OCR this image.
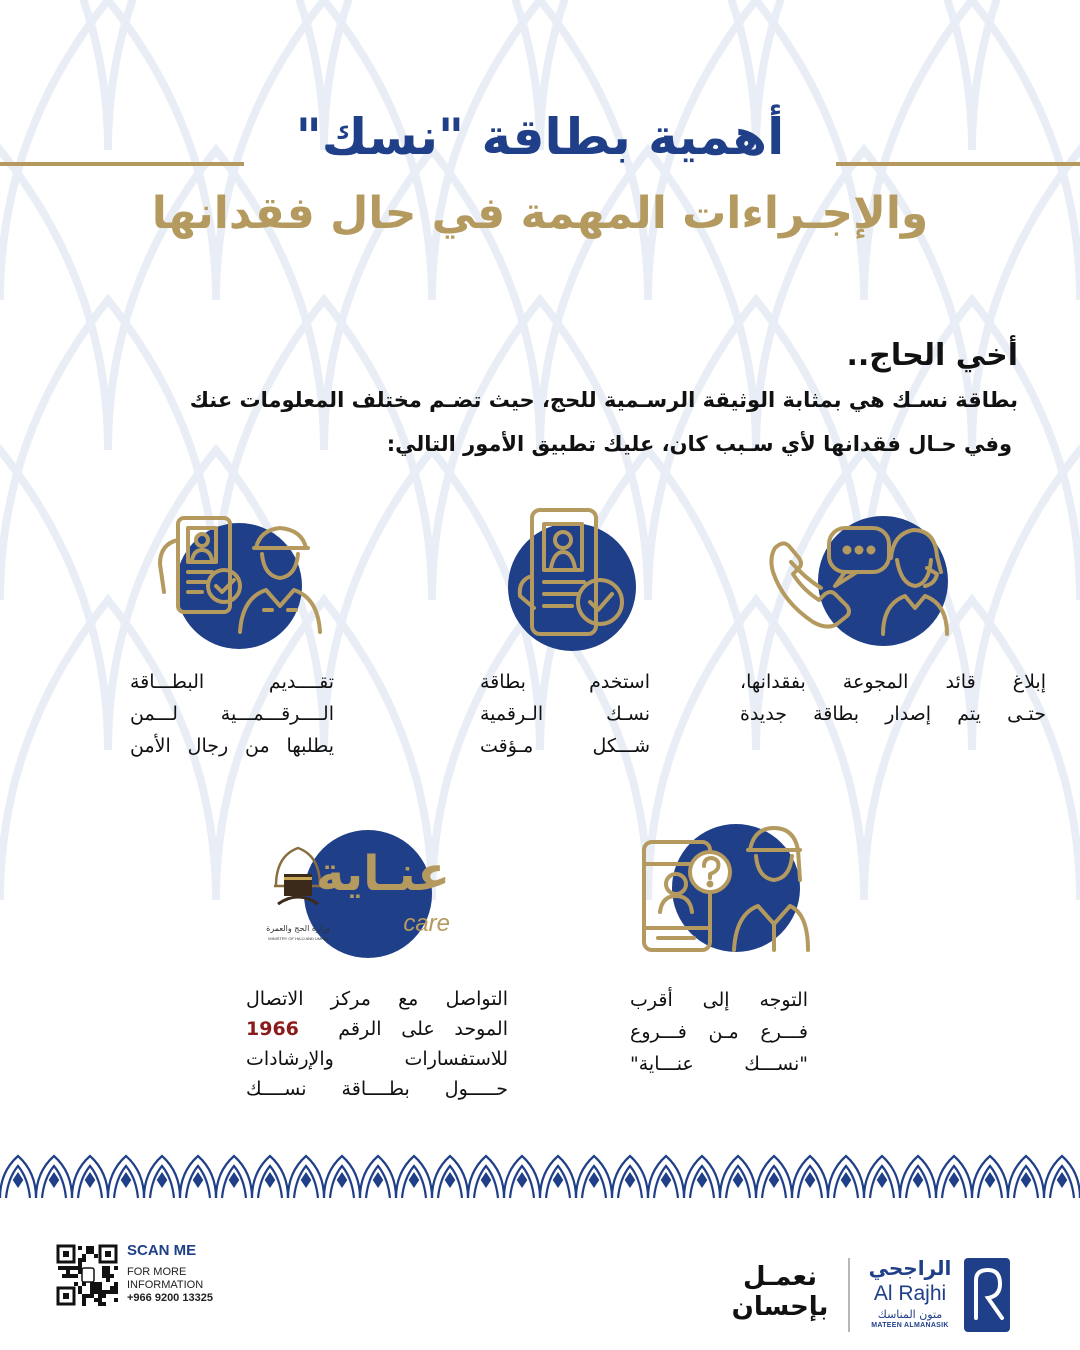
أهمية بطاقة "نسك"
والإجـراءات المهمة في حال فقدانها
أخي الحاج..
بطاقة نسـك هي بمثابة الوثيقة الرسـمية للحج، حيث تضـم مختلف المعلومات عنك
وفي حـال فقدانها لأي سـبب كان، عليك تطبيق الأمور التالي:
إبلاغ قائد المجوعة بفقدانها،
حتـى يتم إصدار بطاقة جديدة
استخدم بطاقة
نسـك الـرقمية
شـــكل مـؤقت
تقــــديم البطـــاقة
الــــرقـــمـــية لـــمن
يطلبها من رجال الأمن
التوجه إلى أقرب
فـــرع مـن فـــروع
"نســـك عنـــاية"
عنـاية
care
وزارة الحج والعمرة
MINISTRY OF HAJJ AND UMRAH
التواصل مع مركز الاتصال
الموحد على الرقم  1966
للاستفسارات والإرشادات
حـــــول بطــــاقة نســــك
SCAN ME
FOR MORE
INFORMATION
+966 9200 13325
نعمـل
بإحسان
الراجحي
Al Rajhi
متون المناسك
MATEEN ALMANASIK
